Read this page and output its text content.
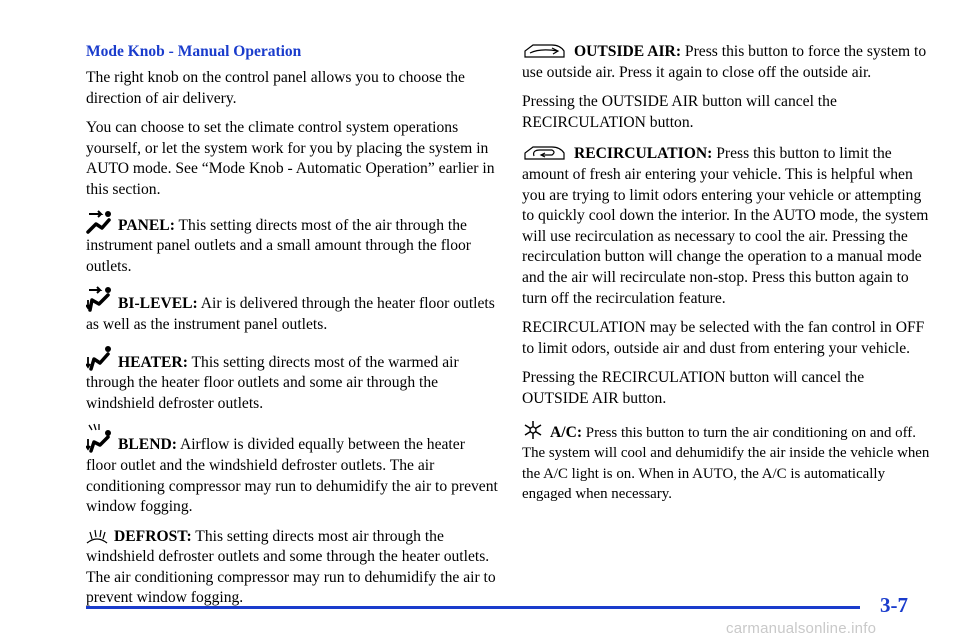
Mode Knob - Manual Operation

The right knob on the control panel allows you to choose the direction of air delivery.

You can choose to set the climate control system operations yourself, or let the system work for you by placing the system in AUTO mode. See “Mode Knob - Automatic Operation” earlier in this section.

PANEL: This setting directs most of the air through the instrument panel outlets and a small amount through the floor outlets.

BI-LEVEL: Air is delivered through the heater floor outlets as well as the instrument panel outlets.

HEATER: This setting directs most of the warmed air through the heater floor outlets and some air through the windshield defroster outlets.

BLEND: Airflow is divided equally between the heater floor outlet and the windshield defroster outlets. The air conditioning compressor may run to dehumidify the air to prevent window fogging.

DEFROST: This setting directs most air through the windshield defroster outlets and some through the heater outlets. The air conditioning compressor may run to dehumidify the air to prevent window fogging.

OUTSIDE AIR: Press this button to force the system to use outside air. Press it again to close off the outside air.

Pressing the OUTSIDE AIR button will cancel the RECIRCULATION button.

RECIRCULATION: Press this button to limit the amount of fresh air entering your vehicle. This is helpful when you are trying to limit odors entering your vehicle or attempting to quickly cool down the interior. In the AUTO mode, the system will use recirculation as necessary to cool the air. Pressing the recirculation button will change the operation to a manual mode and the air will recirculate non-stop. Press this button again to turn off the recirculation feature.

RECIRCULATION may be selected with the fan control in OFF to limit odors, outside air and dust from entering your vehicle.

Pressing the RECIRCULATION button will cancel the OUTSIDE AIR button.

A/C: Press this button to turn the air conditioning on and off. The system will cool and dehumidify the air inside the vehicle when the A/C light is on. When in AUTO, the A/C is automatically engaged when necessary.

3-7
carmanualsonline.info
